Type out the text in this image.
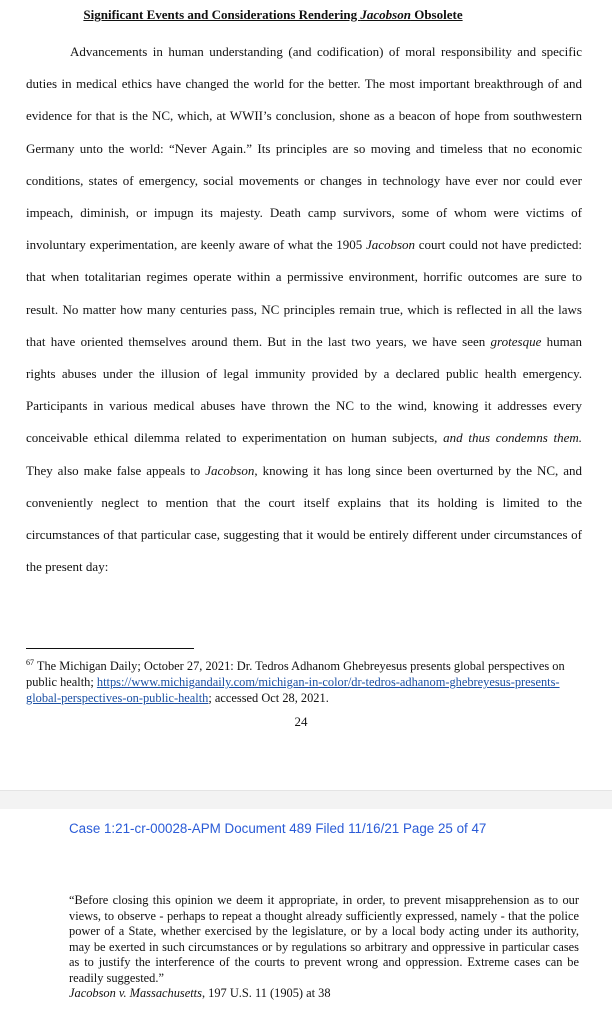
Significant Events and Considerations Rendering Jacobson Obsolete

Advancements in human understanding (and codification) of moral responsibility and specific duties in medical ethics have changed the world for the better. The most important breakthrough of and evidence for that is the NC, which, at WWII’s conclusion, shone as a beacon of hope from southwestern Germany unto the world: “Never Again.” Its principles are so moving and timeless that no economic conditions, states of emergency, social movements or changes in technology have ever nor could ever impeach, diminish, or impugn its majesty. Death camp survivors, some of whom were victims of involuntary experimentation, are keenly aware of what the 1905 Jacobson court could not have predicted: that when totalitarian regimes operate within a permissive environment, horrific outcomes are sure to result. No matter how many centuries pass, NC principles remain true, which is reflected in all the laws that have oriented themselves around them. But in the last two years, we have seen grotesque human rights abuses under the illusion of legal immunity provided by a declared public health emergency. Participants in various medical abuses have thrown the NC to the wind, knowing it addresses every conceivable ethical dilemma related to experimentation on human subjects, and thus condemns them. They also make false appeals to Jacobson, knowing it has long since been overturned by the NC, and conveniently neglect to mention that the court itself explains that its holding is limited to the circumstances of that particular case, suggesting that it would be entirely different under circumstances of the present day:

$^{67}$ The Michigan Daily; October 27, 2021: Dr. Tedros Adhanom Ghebreyesus presents global perspectives on public health; https://www.michigandaily.com/michigan-in-color/dr-tedros-adhanom-ghebreyesus-presents-global-perspectives-on-public-health; accessed Oct 28, 2021.

24
Case 1:21-cr-00028-APM Document 489 Filed 11/16/21 Page 25 of 47

“Before closing this opinion we deem it appropriate, in order, to prevent misapprehension as to our views, to observe - perhaps to repeat a thought already sufficiently expressed, namely - that the police power of a State, whether exercised by the legislature, or by a local body acting under its authority, may be exerted in such circumstances or by regulations so arbitrary and oppressive in particular cases as to justify the interference of the courts to prevent wrong and oppression. Extreme cases can be readily suggested.”
Jacobson v. Massachusetts, 197 U.S. 11 (1905) at 38
